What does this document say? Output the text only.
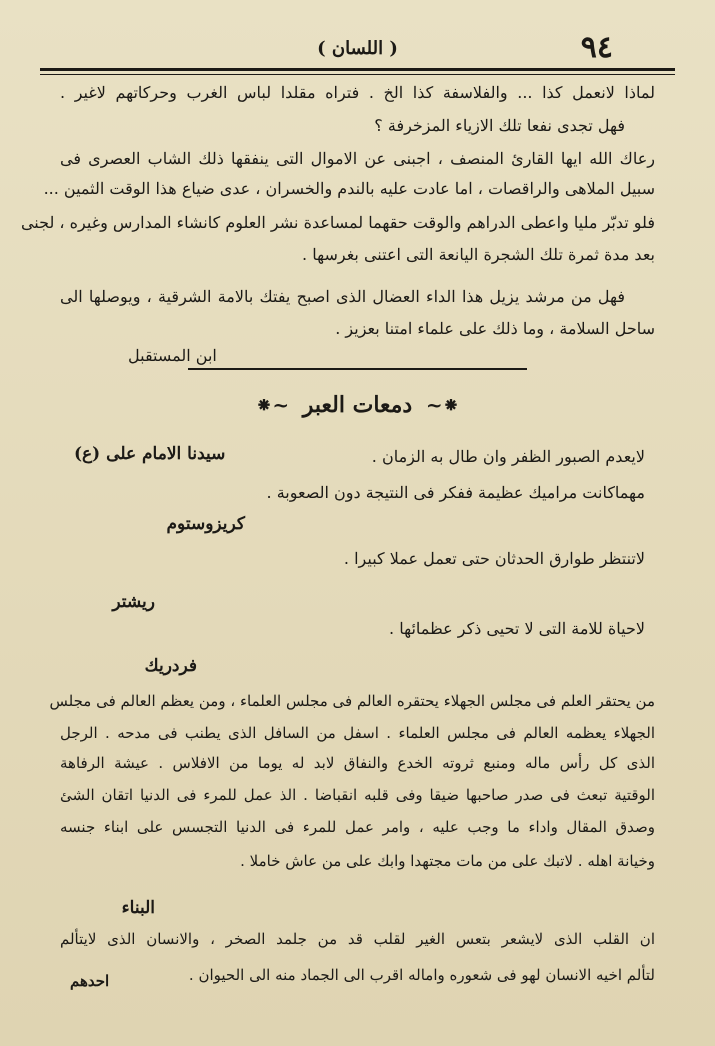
( اللسان )	٩٤
لماذا لانعمل كذا ... والفلاسفة كذا الخ . فتراه مقلدا لباس الغرب وحركاتهم لاغير .
فهل تجدى نفعا تلك الازياء المزخرفة ؟
رعاك الله ايها القارئ المنصف ، اجبنى عن الاموال التى ينفقها ذلك الشاب العصرى فى
سبيل الملاهى والراقصات ، اما عادت عليه بالندم والخسران ، عدى ضياع هذا الوقت الثمين ...
فلو تدبّر مليا واعطى الدراهم والوقت حقهما لمساعدة نشر العلوم كانشاء المدارس وغيره ، لجنى
بعد مدة ثمرة تلك الشجرة اليانعة التى اعتنى بغرسها .
فهل من مرشد يزيل هذا الداء العضال الذى اصبح يفتك بالامة الشرقية ، ويوصلها الى
ساحل السلامة ، وما ذلك على علماء امتنا بعزيز .
ابن المستقبل
⁕~ دمعات العبر ~⁕
لايعدم الصبور الظفر وان طال به الزمان .
سيدنا الامام على (ع)
مهماكانت مراميك عظيمة ففكر فى النتيجة دون الصعوبة .
كريزوستوم
لاتنتظر طوارق الحدثان حتى تعمل عملا كبيرا .
ريشتر
لاحياة للامة التى لا تحيى ذكر عظمائها .
فردريك
من يحتقر العلم فى مجلس الجهلاء يحتقره العالم فى مجلس العلماء ، ومن يعظم العالم فى مجلس
الجهلاء يعظمه العالم فى مجلس العلماء . اسفل من السافل الذى يطنب فى مدحه . الرجل
الذى كل رأس ماله ومنبع ثروته الخدع والنفاق لابد له يوما من الافلاس . عيشة الرفاهة
الوقتية تبعث فى صدر صاحبها ضيقا وفى قلبه انقباضا . الذ عمل للمرء فى الدنيا اتقان الشئ
وصدق المقال واداء ما وجب عليه ، وامر عمل للمرء فى الدنيا التجسس على ابناء جنسه
وخيانة اهله . لاتبك على من مات مجتهدا وابك على من عاش خاملا .
البناء
ان القلب الذى لايشعر بتعس الغير لقلب قد من جلمد الصخر ، والانسان الذى لايتألم
لتألم اخيه الانسان لهو فى شعوره واماله اقرب الى الجماد منه الى الحيوان .
احدهم
